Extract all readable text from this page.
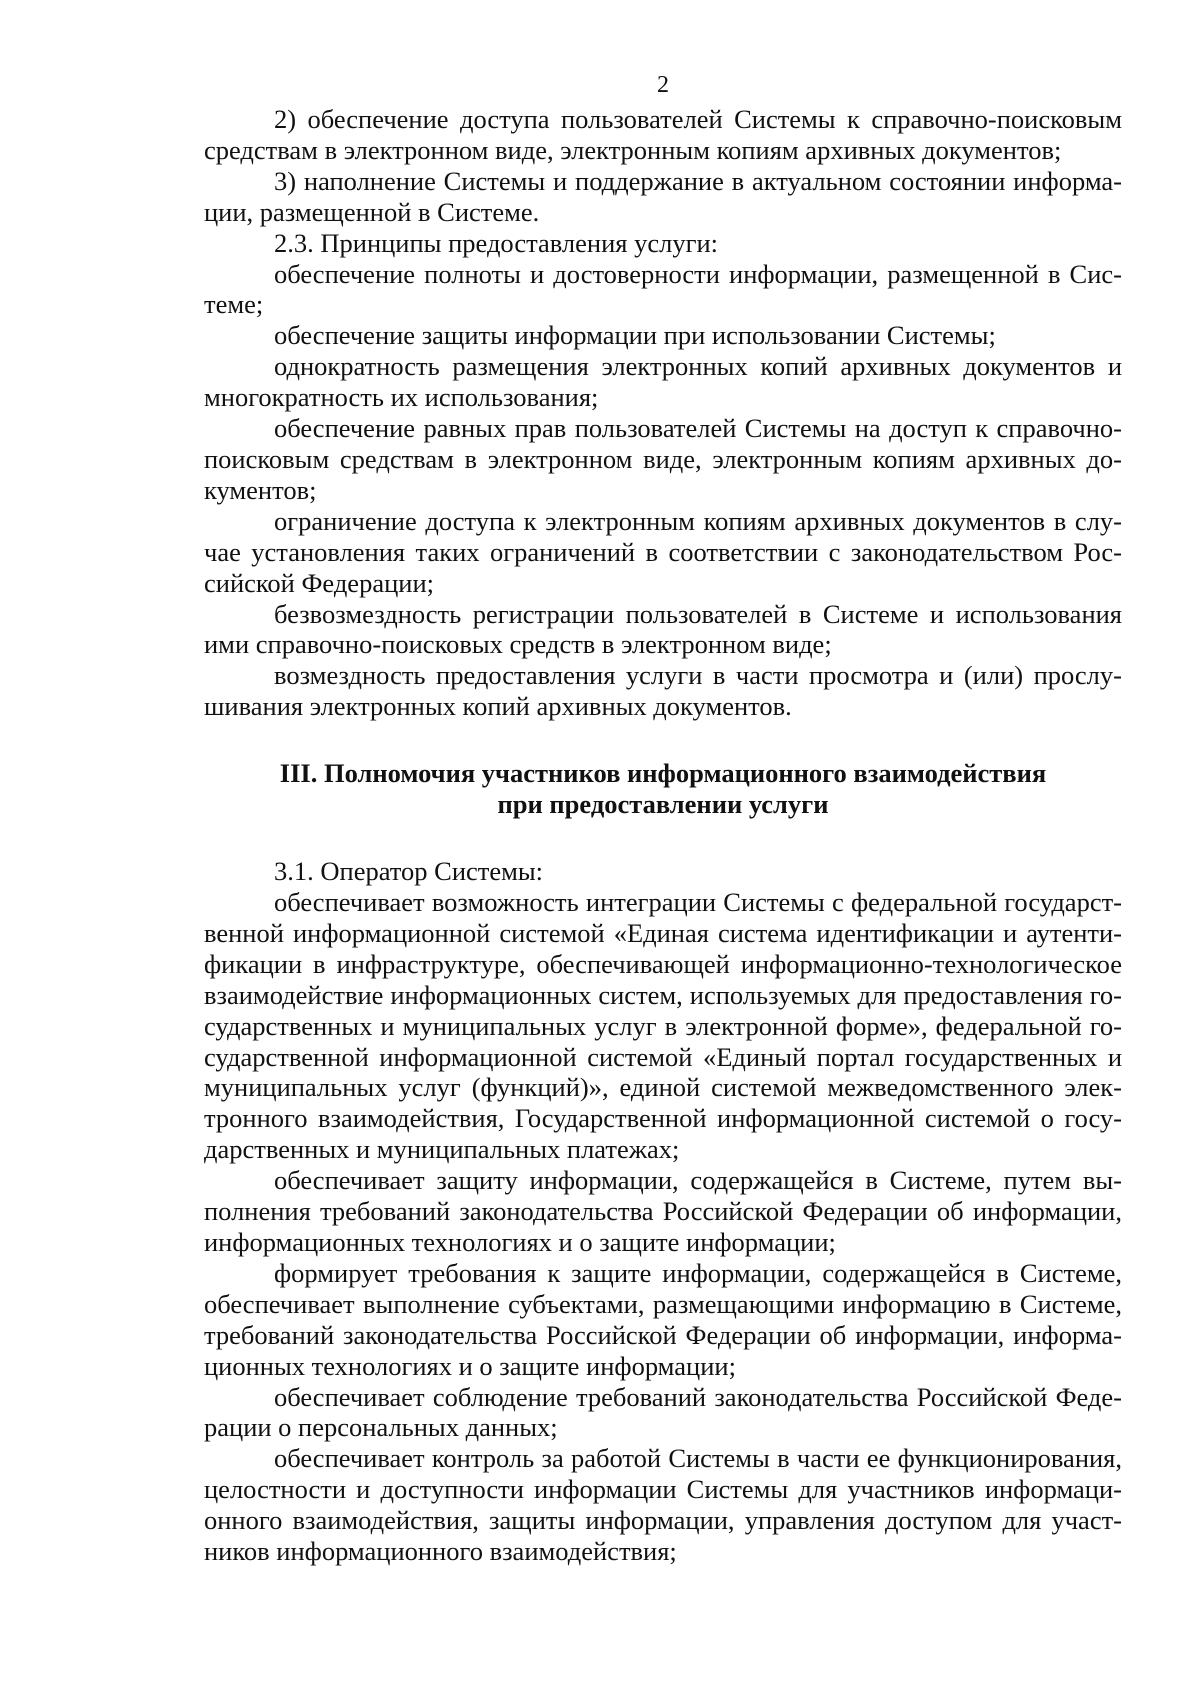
2

2) обеспечение доступа пользователей Системы к справочно-поисковым средствам в электронном виде, электронным копиям архивных документов;

3) наполнение Системы и поддержание в актуальном состоянии информации, размещенной в Системе.

2.3. Принципы предоставления услуги:

обеспечение полноты и достоверности информации, размещенной в Системе;

обеспечение защиты информации при использовании Системы;

однократность размещения электронных копий архивных документов и многократность их использования;

обеспечение равных прав пользователей Системы на доступ к справочно-поисковым средствам в электронном виде, электронным копиям архивных документов;

ограничение доступа к электронным копиям архивных документов в случае установления таких ограничений в соответствии с законодательством Российской Федерации;

безвозмездность регистрации пользователей в Системе и использования ими справочно-поисковых средств в электронном виде;

возмездность предоставления услуги в части просмотра и (или) прослушивания электронных копий архивных документов.

III. Полномочия участников информационного взаимодействия
при предоставлении услуги

3.1. Оператор Системы:

обеспечивает возможность интеграции Системы с федеральной государственной информационной системой «Единая система идентификации и аутентификации в инфраструктуре, обеспечивающей информационно-технологическое взаимодействие информационных систем, используемых для предоставления государственных и муниципальных услуг в электронной форме», федеральной государственной информационной системой «Единый портал государственных и муниципальных услуг (функций)», единой системой межведомственного электронного взаимодействия, Государственной информационной системой о государственных и муниципальных платежах;

обеспечивает защиту информации, содержащейся в Системе, путем выполнения требований законодательства Российской Федерации об информации, информационных технологиях и о защите информации;

формирует требования к защите информации, содержащейся в Системе, обеспечивает выполнение субъектами, размещающими информацию в Системе, требований законодательства Российской Федерации об информации, информационных технологиях и о защите информации;

обеспечивает соблюдение требований законодательства Российской Федерации о персональных данных;

обеспечивает контроль за работой Системы в части ее функционирования, целостности и доступности информации Системы для участников информационного взаимодействия, защиты информации, управления доступом для участников информационного взаимодействия;
